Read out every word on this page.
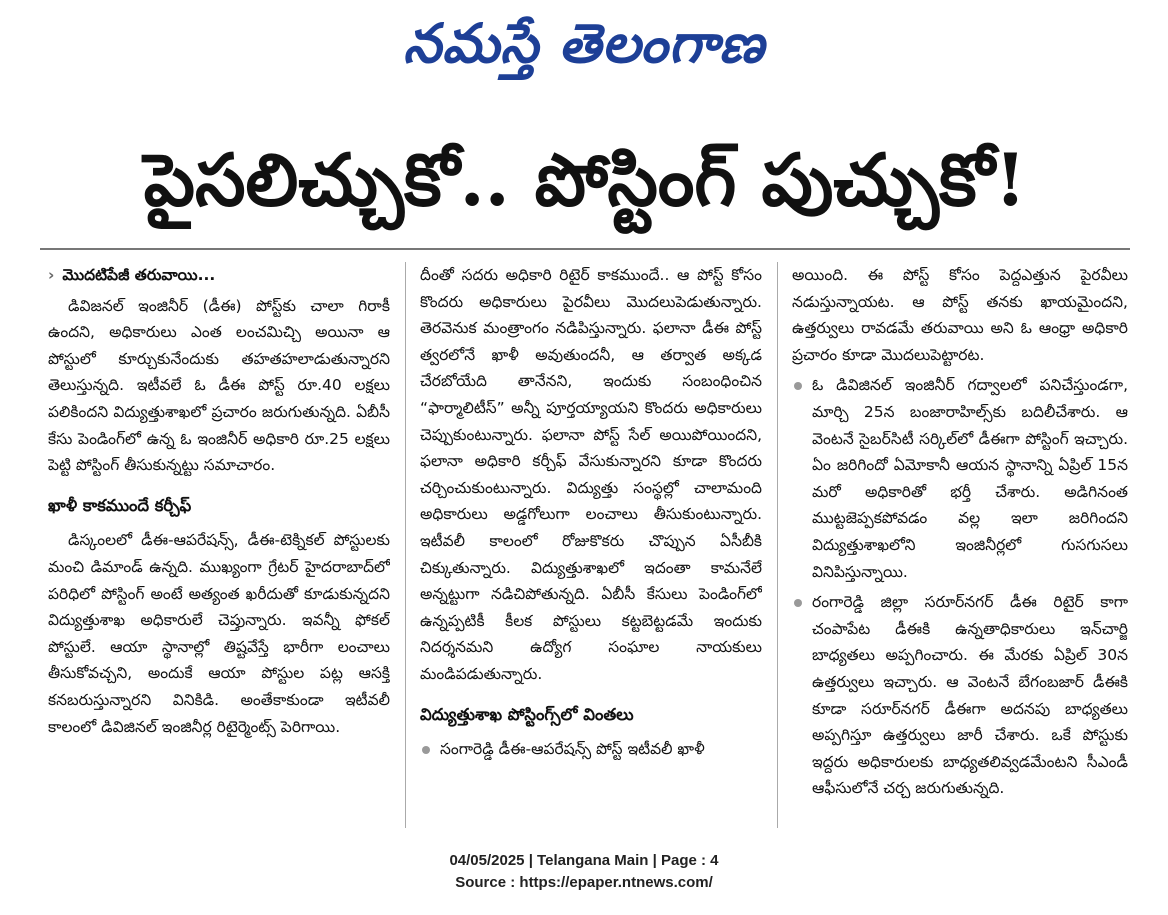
నమస్తే తెలంగాణ
పైసలిచ్చుకో.. పోస్టింగ్ పుచ్చుకో!

› మొదటిపేజీ తరువాయి...

డివిజనల్ ఇంజినీర్ (డీఈ) పోస్ట్‌కు చాలా గిరాకీ ఉందని, అధికారులు ఎంత లంచమిచ్చి అయినా ఆ పోస్టులో కూర్చుకునేందుకు తహతహలాడుతున్నారని తెలుస్తున్నది. ఇటీవలే ఓ డీఈ పోస్ట్ రూ.40 లక్షలు పలికిందని విద్యుత్తుశాఖలో ప్రచారం జరుగుతున్నది. ఏబీసీ కేసు పెండింగ్‌లో ఉన్న ఓ ఇంజినీర్ అధికారి రూ.25 లక్షలు పెట్టి పోస్టింగ్ తీసుకున్నట్టు సమాచారం.

ఖాళీ కాకముందే కర్చీఫ్

డిస్కంలలో డీఈ-ఆపరేషన్స్, డీఈ-టెక్నికల్ పోస్టులకు మంచి డిమాండ్ ఉన్నది. ముఖ్యంగా గ్రేటర్ హైదరాబాద్‌లో పరిధిలో పోస్టింగ్ అంటే అత్యంత ఖరీదుతో కూడుకున్నదని విద్యుత్తుశాఖ అధికారులే చెప్తున్నారు. ఇవన్నీ ఫోకల్ పోస్టులే. ఆయా స్థానాల్లో తిష్టవేస్తే భారీగా లంచాలు తీసుకోవచ్చని, అందుకే ఆయా పోస్టుల పట్ల ఆసక్తి కనబరుస్తున్నారని వినికిడి. అంతేకాకుండా ఇటీవలీ కాలంలో డివిజినల్ ఇంజినీర్ల రిటైర్మెంట్స్ పెరిగాయి.

దీంతో సదరు అధికారి రిటైర్ కాకముందే.. ఆ పోస్ట్ కోసం కొందరు అధికారులు పైరవీలు మొదలుపెడుతున్నారు. తెరవెనుక మంత్రాంగం నడిపిస్తున్నారు. ఫలానా డీఈ పోస్ట్ త్వరలోనే ఖాళీ అవుతుందనీ, ఆ తర్వాత అక్కడ చేరబోయేది తానేనని, ఇందుకు సంబంధించిన “ఫార్మాలిటీస్” అన్నీ పూర్తయ్యాయని కొందరు అధికారులు చెప్పుకుంటున్నారు. ఫలానా పోస్ట్ సేల్ అయిపోయిందని, ఫలానా అధికారి కర్చీఫ్ వేసుకున్నారని కూడా కొందరు చర్చించుకుంటున్నారు. విద్యుత్తు సంస్థల్లో చాలామంది అధికారులు అడ్డగోలుగా లంచాలు తీసుకుంటున్నారు. ఇటీవలీ కాలంలో రోజుకొకరు చొప్పున ఏసీబీకి చిక్కుతున్నారు. విద్యుత్తుశాఖలో ఇదంతా కామనేలే అన్నట్టుగా నడిచిపోతున్నది. ఏబీసీ కేసులు పెండింగ్‌లో ఉన్నప్పటికీ కీలక పోస్టులు కట్టబెట్టడమే ఇందుకు నిదర్శనమని ఉద్యోగ సంఘాల నాయకులు మండిపడుతున్నారు.

విద్యుత్తుశాఖ పోస్టింగ్స్‌లో వింతలు

సంగారెడ్డి డీఈ-ఆపరేషన్స్ పోస్ట్ ఇటీవలీ ఖాళీ

అయింది. ఈ పోస్ట్ కోసం పెద్దఎత్తున పైరవీలు నడుస్తున్నాయట. ఆ పోస్ట్ తనకు ఖాయమైందని, ఉత్తర్వులు రావడమే తరువాయి అని ఓ ఆంధ్రా అధికారి ప్రచారం కూడా మొదలుపెట్టారట.

ఓ డివిజినల్ ఇంజినీర్ గద్వాలలో పనిచేస్తుండగా, మార్చి 25న బంజారాహిల్స్‌కు బదిలీచేశారు. ఆ వెంటనే సైబర్‌సిటీ సర్కిల్‌లో డీఈగా పోస్టింగ్ ఇచ్చారు. ఏం జరిగిందో ఏమోకానీ ఆయన స్థానాన్ని ఏప్రిల్ 15న మరో అధికారితో భర్తీ చేశారు. అడిగినంత ముట్టజెప్పకపోవడం వల్ల ఇలా జరిగిందని విద్యుత్తుశాఖలోని ఇంజినీర్లలో గుసగుసలు వినిపిస్తున్నాయి.

రంగారెడ్డి జిల్లా సరూర్‌నగర్ డీఈ రిటైర్ కాగా చంపాపేట డీఈకి ఉన్నతాధికారులు ఇన్‌చార్జి బాధ్యతలు అప్పగించారు. ఈ మేరకు ఏప్రిల్ 30న ఉత్తర్వులు ఇచ్చారు. ఆ వెంటనే బేగంబజార్ డీఈకి కూడా సరూర్‌నగర్ డీఈగా అదనపు బాధ్యతలు అప్పగిస్తూ ఉత్తర్వులు జారీ చేశారు. ఒకే పోస్టుకు ఇద్దరు అధికారులకు బాధ్యతలివ్వడమేంటని సీఎండీ ఆఫీసులోనే చర్చ జరుగుతున్నది.

04/05/2025 | Telangana Main | Page : 4
Source : https://epaper.ntnews.com/
